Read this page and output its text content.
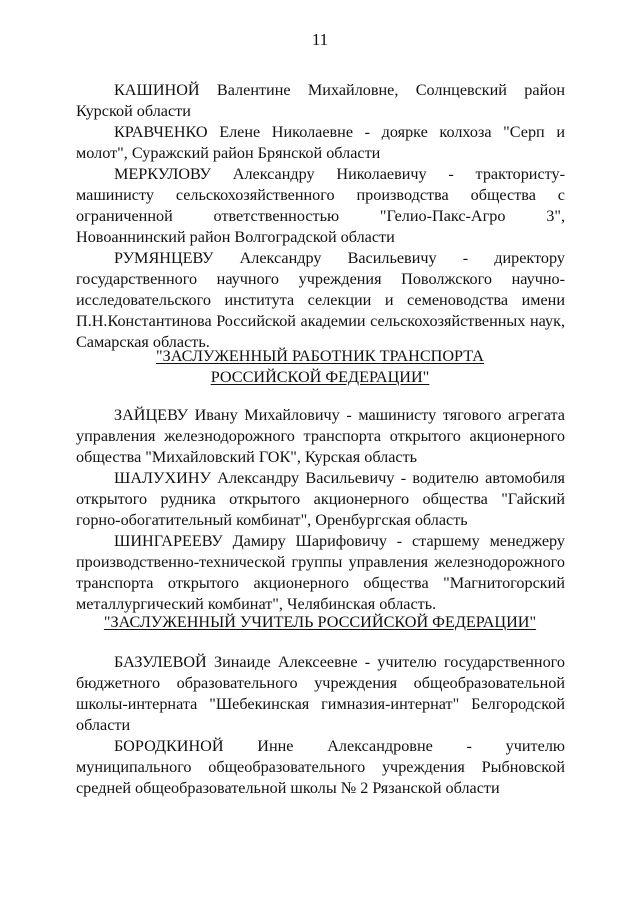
11

КАШИНОЙ Валентине Михайловне, Солнцевский район Курской области

КРАВЧЕНКО Елене Николаевне - доярке колхоза "Серп и молот", Суражский район Брянской области

МЕРКУЛОВУ Александру Николаевичу - трактористу-машинисту сельскохозяйственного производства общества с ограниченной ответственностью "Гелио-Пакс-Агро 3", Новоаннинский район Волгоградской области

РУМЯНЦЕВУ Александру Васильевичу - директору государственного научного учреждения Поволжского научно-исследовательского института селекции и семеноводства имени П.Н.Константинова Российской академии сельскохозяйственных наук, Самарская область.

"ЗАСЛУЖЕННЫЙ РАБОТНИК ТРАНСПОРТА
РОССИЙСКОЙ ФЕДЕРАЦИИ"

ЗАЙЦЕВУ Ивану Михайловичу - машинисту тягового агрегата управления железнодорожного транспорта открытого акционерного общества "Михайловский ГОК", Курская область

ШАЛУХИНУ Александру Васильевичу - водителю автомобиля открытого рудника открытого акционерного общества "Гайский горно-обогатительный комбинат", Оренбургская область

ШИНГАРЕЕВУ Дамиру Шарифовичу - старшему менеджеру производственно-технической группы управления железнодорожного транспорта открытого акционерного общества "Магнитогорский металлургический комбинат", Челябинская область.

"ЗАСЛУЖЕННЫЙ УЧИТЕЛЬ РОССИЙСКОЙ ФЕДЕРАЦИИ"

БАЗУЛЕВОЙ Зинаиде Алексеевне - учителю государственного бюджетного образовательного учреждения общеобразовательной школы-интерната "Шебекинская гимназия-интернат" Белгородской области

БОРОДКИНОЙ Инне Александровне - учителю муниципального общеобразовательного учреждения Рыбновской средней общеобразовательной школы № 2 Рязанской области
